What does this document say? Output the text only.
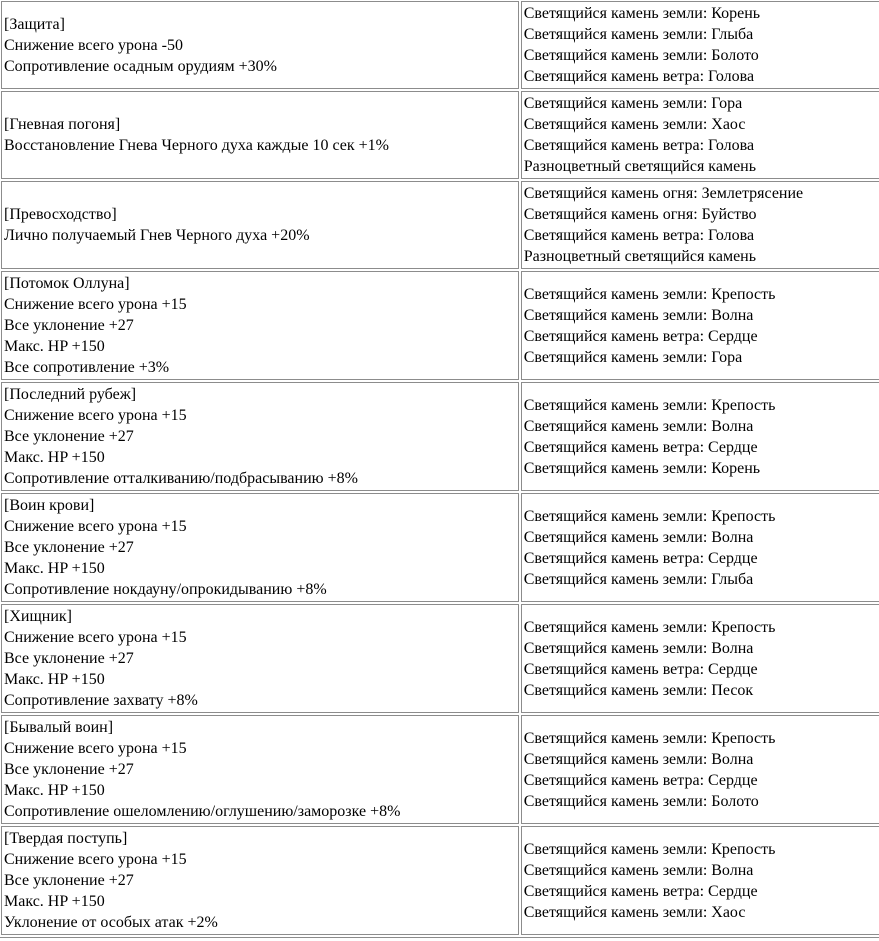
[Защита]
Снижение всего урона -50
Сопротивление осадным орудиям +30%	Светящийся камень земли: Корень
Светящийся камень земли: Глыба
Светящийся камень земли: Болото
Светящийся камень ветра: Голова

[Гневная погоня]
Восстановление Гнева Черного духа каждые 10 сек +1%	Светящийся камень земли: Гора
Светящийся камень земли: Хаос
Светящийся камень ветра: Голова
Разноцветный светящийся камень

[Превосходство]
Лично получаемый Гнев Черного духа +20%	Светящийся камень огня: Землетрясение
Светящийся камень огня: Буйство
Светящийся камень ветра: Голова
Разноцветный светящийся камень

[Потомок Оллуна]
Снижение всего урона +15
Все уклонение +27
Макс. HP +150
Все сопротивление +3%	Светящийся камень земли: Крепость
Светящийся камень земли: Волна
Светящийся камень ветра: Сердце
Светящийся камень земли: Гора

[Последний рубеж]
Снижение всего урона +15
Все уклонение +27
Макс. HP +150
Сопротивление отталкиванию/подбрасыванию +8%	Светящийся камень земли: Крепость
Светящийся камень земли: Волна
Светящийся камень ветра: Сердце
Светящийся камень земли: Корень

[Воин крови]
Снижение всего урона +15
Все уклонение +27
Макс. HP +150
Сопротивление нокдауну/опрокидыванию +8%	Светящийся камень земли: Крепость
Светящийся камень земли: Волна
Светящийся камень ветра: Сердце
Светящийся камень земли: Глыба

[Хищник]
Снижение всего урона +15
Все уклонение +27
Макс. HP +150
Сопротивление захвату +8%	Светящийся камень земли: Крепость
Светящийся камень земли: Волна
Светящийся камень ветра: Сердце
Светящийся камень земли: Песок

[Бывалый воин]
Снижение всего урона +15
Все уклонение +27
Макс. HP +150
Сопротивление ошеломлению/оглушению/заморозке +8%	Светящийся камень земли: Крепость
Светящийся камень земли: Волна
Светящийся камень ветра: Сердце
Светящийся камень земли: Болото

[Твердая поступь]
Снижение всего урона +15
Все уклонение +27
Макс. HP +150
Уклонение от особых атак +2%	Светящийся камень земли: Крепость
Светящийся камень земли: Волна
Светящийся камень ветра: Сердце
Светящийся камень земли: Хаос
